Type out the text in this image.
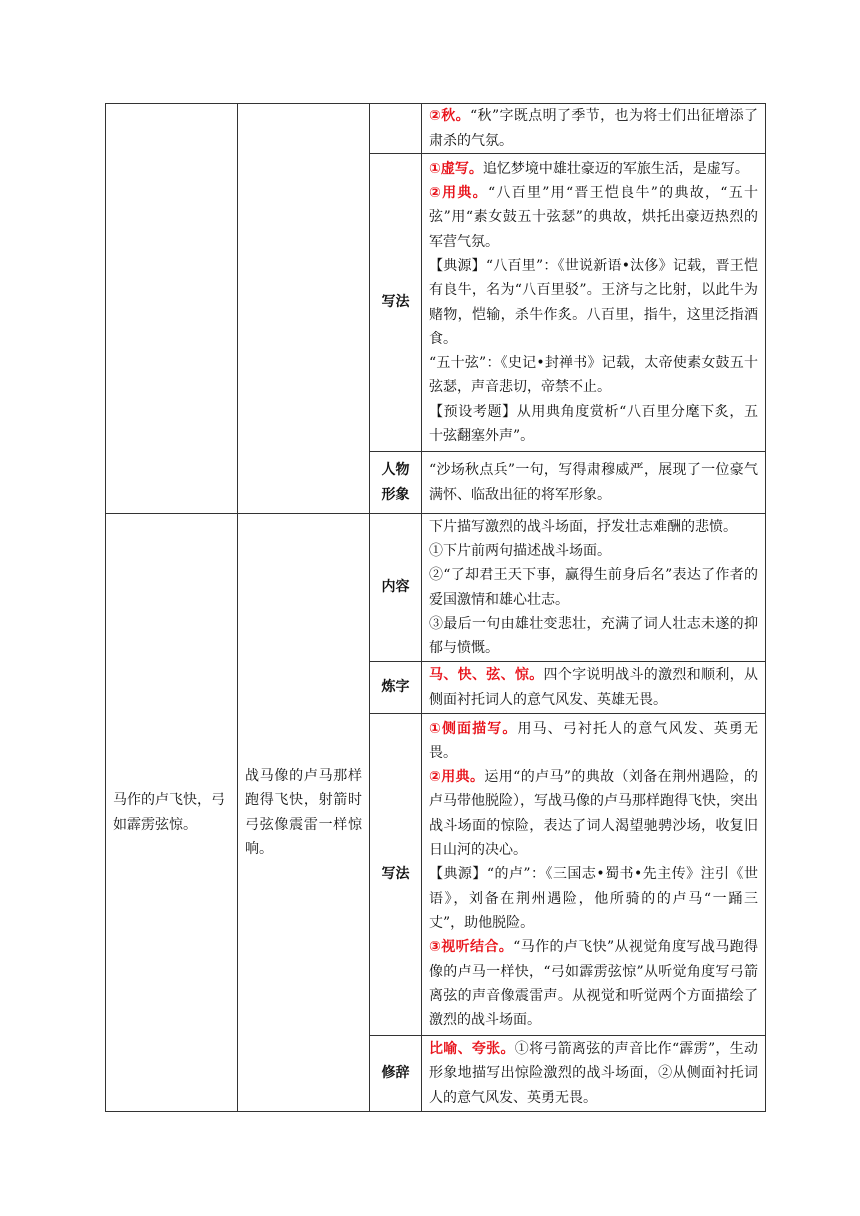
			②秋。“秋”字既点明了季节，也为将士们出征增添了肃杀的气氛。

		写法	①虚写。追忆梦境中雄壮豪迈的军旅生活，是虚写。

②用典。“八百里”用“晋王恺良牛”的典故，“五十弦”用“素女鼓五十弦瑟”的典故，烘托出豪迈热烈的军营气氛。

【典源】“八百里”：《世说新语•汰侈》记载，晋王恺有良牛，名为“八百里驳”。王济与之比射，以此牛为赌物，恺输，杀牛作炙。八百里，指牛，这里泛指酒食。

“五十弦”：《史记•封禅书》记载，太帝使素女鼓五十弦瑟，声音悲切，帝禁不止。

【预设考题】从用典角度赏析“八百里分麾下炙，五十弦翻塞外声”。

		人物
形象	“沙场秋点兵”一句，写得肃穆威严，展现了一位豪气满怀、临敌出征的将军形象。

马作的卢飞快，弓如霹雳弦惊。	战马像的卢马那样跑得飞快，射箭时弓弦像震雷一样惊响。	内容	下片描写激烈的战斗场面，抒发壮志难酬的悲愤。

①下片前两句描述战斗场面。

②“了却君王天下事，赢得生前身后名”表达了作者的爱国激情和雄心壮志。

③最后一句由雄壮变悲壮，充满了词人壮志未遂的抑郁与愤慨。

		炼字	马、快、弦、惊。四个字说明战斗的激烈和顺利，从侧面衬托词人的意气风发、英雄无畏。

		写法	①侧面描写。用马、弓衬托人的意气风发、英勇无畏。

②用典。运用“的卢马”的典故（刘备在荆州遇险，的卢马带他脱险），写战马像的卢马那样跑得飞快，突出战斗场面的惊险，表达了词人渴望驰骋沙场，收复旧日山河的决心。

【典源】“的卢”：《三国志•蜀书•先主传》注引《世语》，刘备在荆州遇险，他所骑的的卢马“一踊三丈”，助他脱险。

③视听结合。“马作的卢飞快”从视觉角度写战马跑得像的卢马一样快，“弓如霹雳弦惊”从听觉角度写弓箭离弦的声音像震雷声。从视觉和听觉两个方面描绘了激烈的战斗场面。

		修辞	比喻、夸张。①将弓箭离弦的声音比作“霹雳”，生动形象地描写出惊险激烈的战斗场面，②从侧面衬托词人的意气风发、英勇无畏。
